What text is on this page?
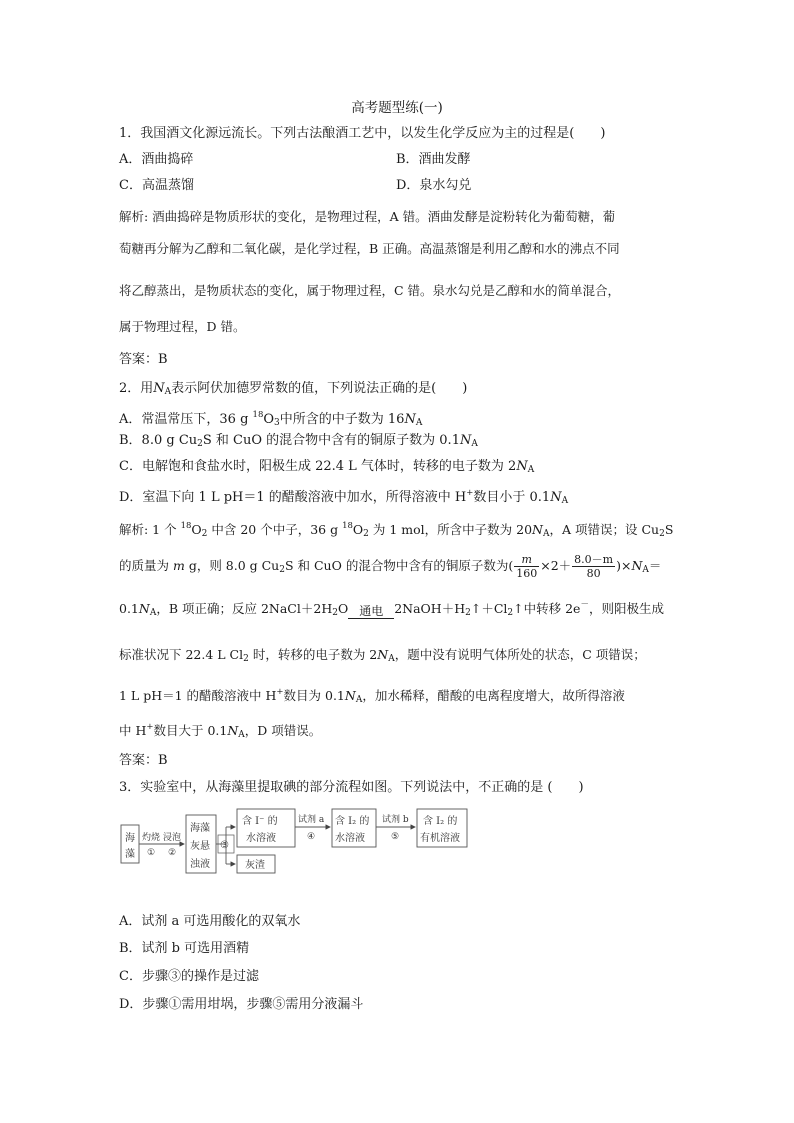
高考题型练(一)
1．我国酒文化源远流长。下列古法酿酒工艺中，以发生化学反应为主的过程是(　　)
A．酒曲捣碎	B．酒曲发酵
C．高温蒸馏	D．泉水勾兑
解析: 酒曲捣碎是物质形状的变化，是物理过程，A 错。酒曲发酵是淀粉转化为葡萄糖，葡
萄糖再分解为乙醇和二氧化碳，是化学过程，B 正确。高温蒸馏是利用乙醇和水的沸点不同
将乙醇蒸出，是物质状态的变化，属于物理过程，C 错。泉水勾兑是乙醇和水的简单混合，
属于物理过程，D 错。
答案：B
2．用$N_A$表示阿伏加德罗常数的值，下列说法正确的是(　　)
A．常温常压下，36 g $^{18}O_3$中所含的中子数为 $16N_A$
B．8.0 g $Cu_2S$ 和 CuO 的混合物中含有的铜原子数为 $0.1N_A$
C．电解饱和食盐水时，阳极生成 22.4 L 气体时，转移的电子数为 $2N_A$
D．室温下向 1 L pH＝1 的醋酸溶液中加水，所得溶液中 H+数目小于 $0.1N_A$
解析: 1 个 $^{18}O_2$ 中含 20 个中子，36 g $^{18}O_2$ 为 1 mol，所含中子数为 $20N_A$，A 项错误；设 $Cu_2S$
的质量为 m g，则 8.0 g $Cu_2S$ 和 CuO 的混合物中含有的铜原子数为( $\frac{m}{160} \times 2+ \frac{8.0-m}{80} )\times N_A=$
$0.1N_A$，B 项正确；反应 $2NaCl+2H_2O$ 通电 $2NaOH+H_2↑+Cl_2↑$中转移 2e－，则阳极生成
标准状况下 22.4 L $Cl_2$ 时，转移的电子数为 $2N_A$，题中没有说明气体所处的状态，C 项错误；
1 L pH＝1 的醋酸溶液中 H+数目为 $0.1N_A$，加水稀释，醋酸的电离程度增大，故所得溶液
中 H+数目大于 $0.1N_A$，D 项错误。
答案：B
3．实验室中，从海藻里提取碘的部分流程如图。下列说法中，不正确的是 (　　)
海
藻
灼烧
①
浸泡
②
海藻
灰悬
浊液
③
含 I⁻ 的
水溶液
试剂 a
④
含 I₂ 的
水溶液
试剂 b
⑤
含 I₂ 的
有机溶液
灰渣
A．试剂 a 可选用酸化的双氧水
B．试剂 b 可选用酒精
C．步骤③的操作是过滤
D．步骤①需用坩埚，步骤⑤需用分液漏斗
